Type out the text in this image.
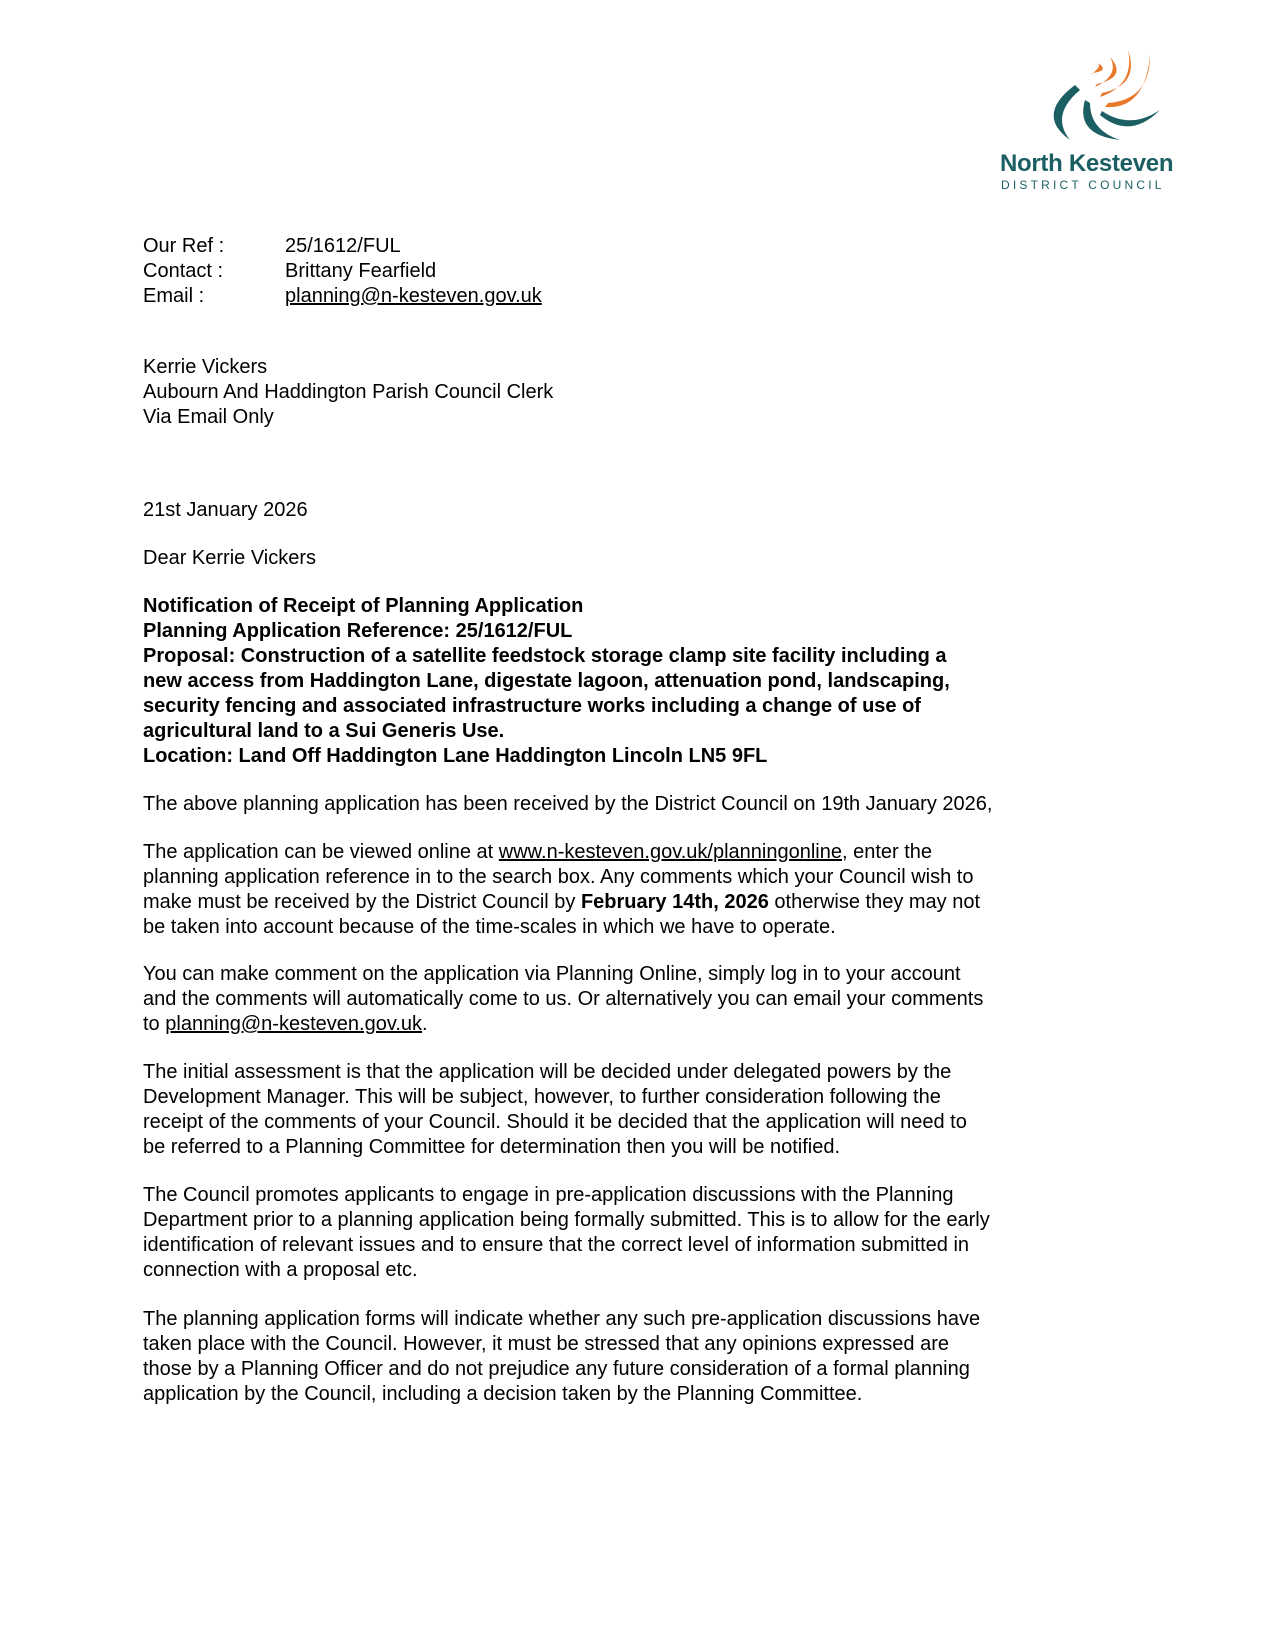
North Kesteven
DISTRICT COUNCIL
Our Ref :	25/1612/FUL
Contact :	Brittany Fearfield
Email :	planning@n-kesteven.gov.uk
Kerrie Vickers
Aubourn And Haddington Parish Council Clerk
Via Email Only
21st January 2026
Dear Kerrie Vickers
Notification of Receipt of Planning Application
Planning Application Reference: 25/1612/FUL
Proposal: Construction of a satellite feedstock storage clamp site facility including a
new access from Haddington Lane, digestate lagoon, attenuation pond, landscaping,
security fencing and associated infrastructure works including a change of use of
agricultural land to a Sui Generis Use.
Location: Land Off Haddington Lane Haddington Lincoln LN5 9FL
The above planning application has been received by the District Council on 19th January 2026,
The application can be viewed online at www.n-kesteven.gov.uk/planningonline, enter the
planning application reference in to the search box. Any comments which your Council wish to
make must be received by the District Council by February 14th, 2026 otherwise they may not
be taken into account because of the time-scales in which we have to operate.
You can make comment on the application via Planning Online, simply log in to your account
and the comments will automatically come to us. Or alternatively you can email your comments
to planning@n-kesteven.gov.uk.
The initial assessment is that the application will be decided under delegated powers by the
Development Manager. This will be subject, however, to further consideration following the
receipt of the comments of your Council. Should it be decided that the application will need to
be referred to a Planning Committee for determination then you will be notified.
The Council promotes applicants to engage in pre-application discussions with the Planning
Department prior to a planning application being formally submitted. This is to allow for the early
identification of relevant issues and to ensure that the correct level of information submitted in
connection with a proposal etc.
The planning application forms will indicate whether any such pre-application discussions have
taken place with the Council. However, it must be stressed that any opinions expressed are
those by a Planning Officer and do not prejudice any future consideration of a formal planning
application by the Council, including a decision taken by the Planning Committee.
